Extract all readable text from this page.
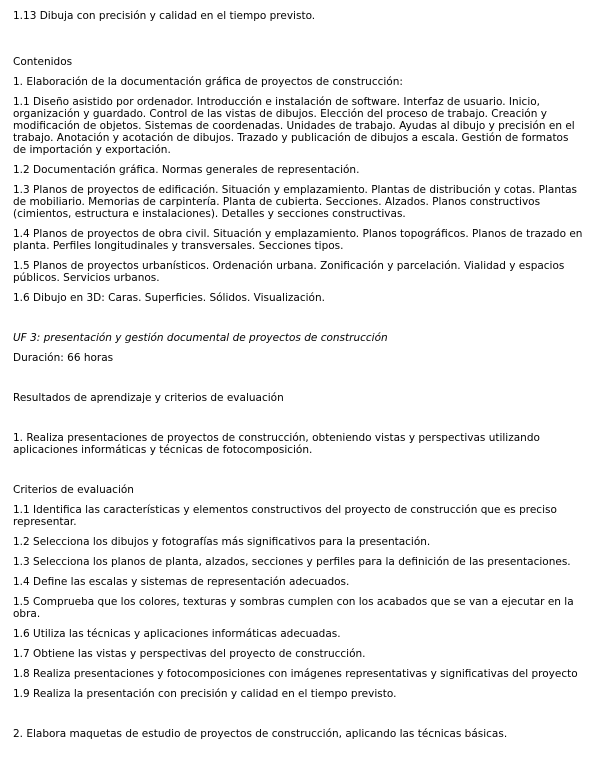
1.13 Dibuja con precisión y calidad en el tiempo previsto.

Contenidos

1. Elaboración de la documentación gráfica de proyectos de construcción:

1.1 Diseño asistido por ordenador. Introducción e instalación de software. Interfaz de usuario. Inicio, organización y guardado. Control de las vistas de dibujos. Elección del proceso de trabajo. Creación y modificación de objetos. Sistemas de coordenadas. Unidades de trabajo. Ayudas al dibujo y precisión en el trabajo. Anotación y acotación de dibujos. Trazado y publicación de dibujos a escala. Gestión de formatos de importación y exportación.

1.2 Documentación gráfica. Normas generales de representación.

1.3 Planos de proyectos de edificación. Situación y emplazamiento. Plantas de distribución y cotas. Plantas de mobiliario. Memorias de carpintería. Planta de cubierta. Secciones. Alzados. Planos constructivos (cimientos, estructura e instalaciones). Detalles y secciones constructivas.

1.4 Planos de proyectos de obra civil. Situación y emplazamiento. Planos topográficos. Planos de trazado en planta. Perfiles longitudinales y transversales. Secciones tipos.

1.5 Planos de proyectos urbanísticos. Ordenación urbana. Zonificación y parcelación. Vialidad y espacios públicos. Servicios urbanos.

1.6 Dibujo en 3D: Caras. Superficies. Sólidos. Visualización.

UF 3: presentación y gestión documental de proyectos de construcción

Duración: 66 horas

Resultados de aprendizaje y criterios de evaluación

1. Realiza presentaciones de proyectos de construcción, obteniendo vistas y perspectivas utilizando aplicaciones informáticas y técnicas de fotocomposición.

Criterios de evaluación

1.1 Identifica las características y elementos constructivos del proyecto de construcción que es preciso representar.

1.2 Selecciona los dibujos y fotografías más significativos para la presentación.

1.3 Selecciona los planos de planta, alzados, secciones y perfiles para la definición de las presentaciones.

1.4 Define las escalas y sistemas de representación adecuados.

1.5 Comprueba que los colores, texturas y sombras cumplen con los acabados que se van a ejecutar en la obra.

1.6 Utiliza las técnicas y aplicaciones informáticas adecuadas.

1.7 Obtiene las vistas y perspectivas del proyecto de construcción.

1.8 Realiza presentaciones y fotocomposiciones con imágenes representativas y significativas del proyecto

1.9 Realiza la presentación con precisión y calidad en el tiempo previsto.

2. Elabora maquetas de estudio de proyectos de construcción, aplicando las técnicas básicas.
